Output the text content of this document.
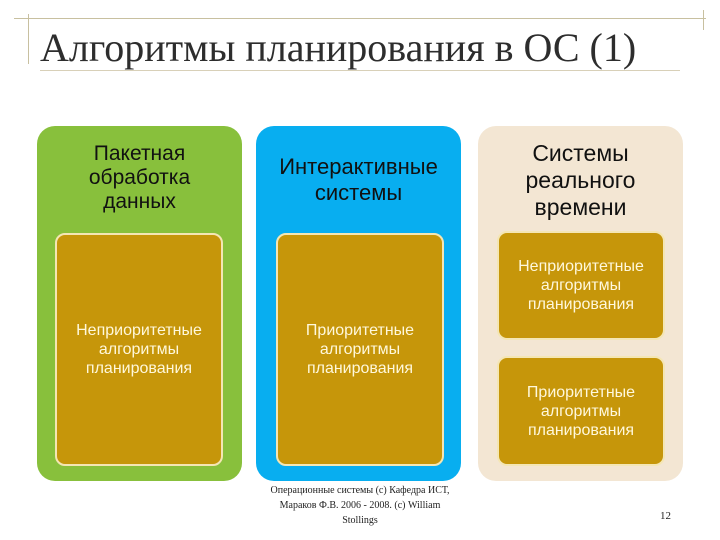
Алгоритмы планирования в ОС (1)
Пакетная
обработка
данных
Неприоритетные
алгоритмы
планирования
Интерактивные
системы
Приоритетные
алгоритмы
планирования
Системы
реального
времени
Неприоритетные
алгоритмы
планирования
Приоритетные
алгоритмы
планирования
Операционные системы (c) Кафедра ИСТ,
Мараков Ф.В. 2006 - 2008. (c) William
Stollings	12
